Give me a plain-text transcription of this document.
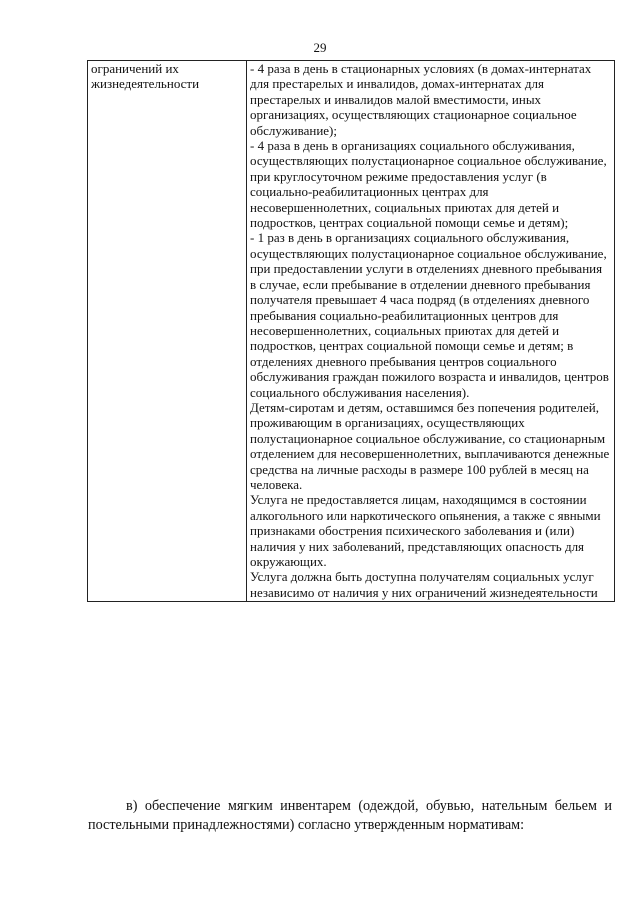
29
ограничений их жизнедеятельности	

- 4 раза в день в стационарных условиях (в домах-интернатах для престарелых и инвалидов, домах-интернатах для престарелых и инвалидов малой вместимости, иных организациях, осуществляющих стационарное социальное обслуживание);

- 4 раза в день в организациях социального обслуживания, осуществляющих полустационарное социальное обслуживание, при круглосуточном режиме предоставления услуг (в социально-реабилитационных центрах для несовершеннолетних, социальных приютах для детей и подростков, центрах социальной помощи семье и детям);

- 1 раз в день в организациях социального обслуживания, осуществляющих полустационарное социальное обслуживание, при предоставлении услуги в отделениях дневного пребывания в случае, если пребывание в отделении дневного пребывания получателя превышает 4 часа подряд (в отделениях дневного пребывания социально-реабилитационных центров для несовершеннолетних, социальных приютах для детей и подростков, центрах социальной помощи семье и детям; в отделениях дневного пребывания центров социального обслуживания граждан пожилого возраста и инвалидов, центров социального обслуживания населения).

Детям-сиротам и детям, оставшимся без попечения родителей, проживающим в организациях, осуществляющих полустационарное социальное обслуживание, со стационарным отделением для несовершеннолетних, выплачиваются денежные средства на личные расходы в размере 100 рублей в месяц на человека.

Услуга не предоставляется лицам, находящимся в состоянии алкогольного или наркотического опьянения, а также с явными признаками обострения психического заболевания и (или) наличия у них заболеваний, представляющих опасность для окружающих.

Услуга должна быть доступна получателям социальных услуг независимо от наличия у них ограничений жизнедеятельности

в) обеспечение мягким инвентарем (одеждой, обувью, нательным бельем и постельными принадлежностями) согласно утвержденным нормативам:
